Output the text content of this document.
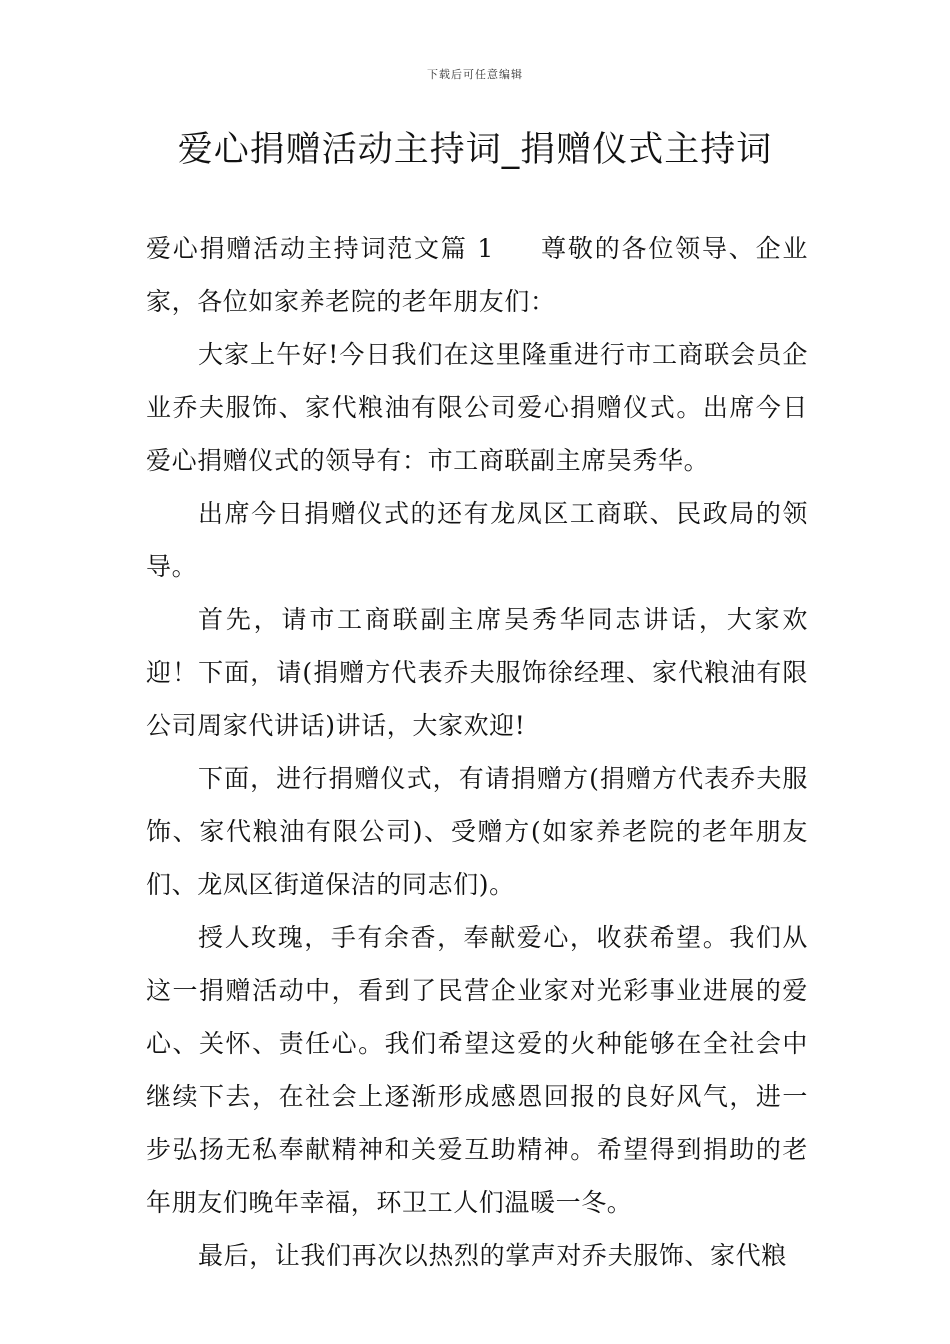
下载后可任意编辑
爱心捐赠活动主持词_捐赠仪式主持词

爱心捐赠活动主持词范文篇 1 尊敬的各位领导、企业家，各位如家养老院的老年朋友们：

大家上午好!今日我们在这里隆重进行市工商联会员企业乔夫服饰、家代粮油有限公司爱心捐赠仪式。出席今日爱心捐赠仪式的领导有：市工商联副主席吴秀华。

出席今日捐赠仪式的还有龙凤区工商联、民政局的领导。

首先，请市工商联副主席吴秀华同志讲话，大家欢迎！下面，请(捐赠方代表乔夫服饰徐经理、家代粮油有限公司周家代讲话)讲话，大家欢迎!

下面，进行捐赠仪式，有请捐赠方(捐赠方代表乔夫服饰、家代粮油有限公司)、受赠方(如家养老院的老年朋友们、龙凤区街道保洁的同志们)。

授人玫瑰，手有余香，奉献爱心，收获希望。我们从这一捐赠活动中，看到了民营企业家对光彩事业进展的爱心、关怀、责任心。我们希望这爱的火种能够在全社会中继续下去，在社会上逐渐形成感恩回报的良好风气，进一步弘扬无私奉献精神和关爱互助精神。希望得到捐助的老年朋友们晚年幸福，环卫工人们温暖一冬。

最后，让我们再次以热烈的掌声对乔夫服饰、家代粮
